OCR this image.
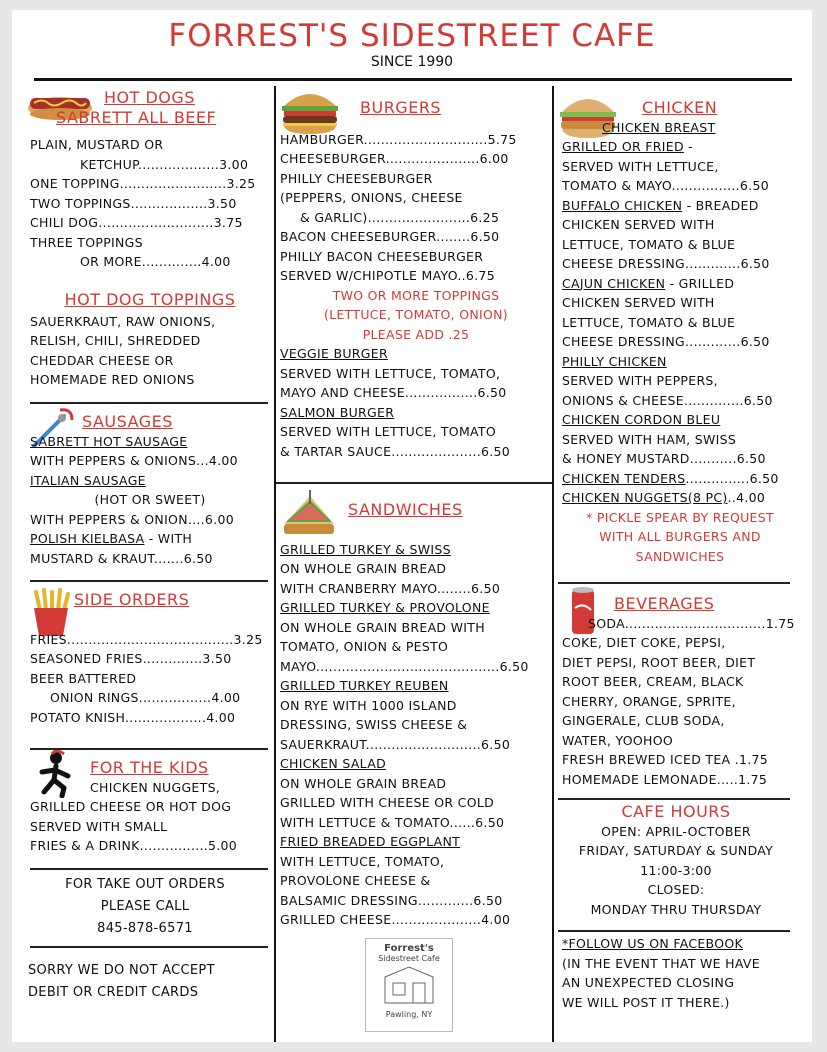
FORREST'S SIDESTREET CAFE
SINCE 1990
HOT DOGS
SABRETT ALL BEEF
PLAIN, MUSTARD OR
KETCHUP...................3.00
ONE TOPPING.........................3.25
TWO TOPPINGS..................3.50
CHILI DOG...........................3.75
THREE TOPPINGS
OR MORE..............4.00
HOT DOG TOPPINGS
SAUERKRAUT, RAW ONIONS,
RELISH, CHILI, SHREDDED
CHEDDAR CHEESE OR
HOMEMADE RED ONIONS
SAUSAGES
SABRETT HOT SAUSAGE
WITH PEPPERS & ONIONS...4.00
ITALIAN SAUSAGE
(HOT OR SWEET)
WITH PEPPERS & ONION....6.00
POLISH KIELBASA - WITH
MUSTARD & KRAUT.......6.50
SIDE ORDERS
FRIES.......................................3.25
SEASONED FRIES..............3.50
BEER BATTERED
ONION RINGS.................4.00
POTATO KNISH...................4.00
FOR THE KIDS
CHICKEN NUGGETS,
GRILLED CHEESE OR HOT DOG
SERVED WITH SMALL
FRIES & A DRINK................5.00
FOR TAKE OUT ORDERS
PLEASE CALL
845-878-6571
SORRY WE DO NOT ACCEPT
DEBIT OR CREDIT CARDS
BURGERS
HAMBURGER.............................5.75
CHEESEBURGER......................6.00
PHILLY CHEESEBURGER
(PEPPERS, ONIONS, CHEESE
& GARLIC)........................6.25
BACON CHEESEBURGER........6.50
PHILLY BACON CHEESEBURGER
SERVED W/CHIPOTLE MAYO..6.75
TWO OR MORE TOPPINGS
(LETTUCE, TOMATO, ONION)
PLEASE ADD .25
VEGGIE BURGER
SERVED WITH LETTUCE, TOMATO,
MAYO AND CHEESE.................6.50
SALMON BURGER
SERVED WITH LETTUCE, TOMATO
& TARTAR SAUCE.....................6.50
SANDWICHES
GRILLED TURKEY & SWISS
ON WHOLE GRAIN BREAD
WITH CRANBERRY MAYO........6.50
GRILLED TURKEY & PROVOLONE
ON WHOLE GRAIN BREAD WITH
TOMATO, ONION & PESTO
MAYO...........................................6.50
GRILLED TURKEY REUBEN
ON RYE WITH 1000 ISLAND
DRESSING, SWISS CHEESE &
SAUERKRAUT...........................6.50
CHICKEN SALAD
ON WHOLE GRAIN BREAD
GRILLED WITH CHEESE OR COLD
WITH LETTUCE & TOMATO......6.50
FRIED BREADED EGGPLANT
WITH LETTUCE, TOMATO,
PROVOLONE CHEESE &
BALSAMIC DRESSING.............6.50
GRILLED CHEESE.....................4.00
Forrest's
Sidestreet Cafe
Pawling, NY
CHICKEN
CHICKEN BREAST
GRILLED OR FRIED -
SERVED WITH LETTUCE,
TOMATO & MAYO................6.50
BUFFALO CHICKEN - BREADED
CHICKEN SERVED WITH
LETTUCE, TOMATO & BLUE
CHEESE DRESSING.............6.50
CAJUN CHICKEN - GRILLED
CHICKEN SERVED WITH
LETTUCE, TOMATO & BLUE
CHEESE DRESSING.............6.50
PHILLY CHICKEN
SERVED WITH PEPPERS,
ONIONS & CHEESE..............6.50
CHICKEN CORDON BLEU
SERVED WITH HAM, SWISS
& HONEY MUSTARD...........6.50
CHICKEN TENDERS...............6.50
CHICKEN NUGGETS(8 PC)..4.00
* PICKLE SPEAR BY REQUEST
WITH ALL BURGERS AND
SANDWICHES
BEVERAGES
SODA.................................1.75
COKE, DIET COKE, PEPSI,
DIET PEPSI, ROOT BEER, DIET
ROOT BEER, CREAM, BLACK
CHERRY, ORANGE, SPRITE,
GINGERALE, CLUB SODA,
WATER, YOOHOO
FRESH BREWED ICED TEA .1.75
HOMEMADE LEMONADE.....1.75
CAFE HOURS
OPEN: APRIL-OCTOBER
FRIDAY, SATURDAY & SUNDAY
11:00-3:00
CLOSED:
MONDAY THRU THURSDAY
*FOLLOW US ON FACEBOOK
(IN THE EVENT THAT WE HAVE
AN UNEXPECTED CLOSING
WE WILL POST IT THERE.)
